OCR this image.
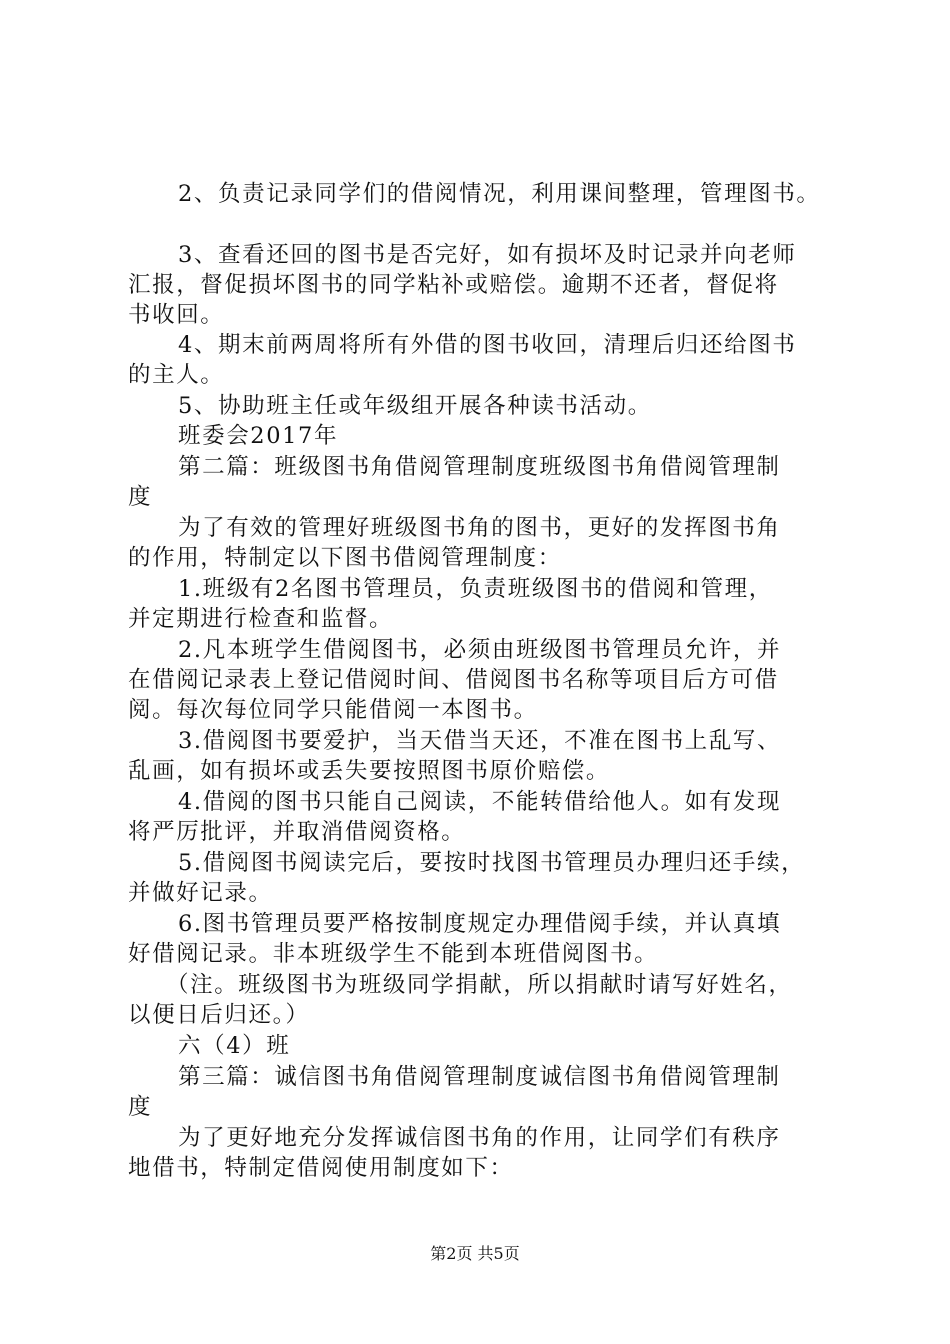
2、负责记录同学们的借阅情况，利用课间整理，管理图书。
3、查看还回的图书是否完好，如有损坏及时记录并向老师
汇报，督促损坏图书的同学粘补或赔偿。逾期不还者，督促将
书收回。
4、期末前两周将所有外借的图书收回，清理后归还给图书
的主人。
5、协助班主任或年级组开展各种读书活动。
班委会2017年
第二篇：班级图书角借阅管理制度班级图书角借阅管理制
度
为了有效的管理好班级图书角的图书，更好的发挥图书角
的作用，特制定以下图书借阅管理制度：
1.班级有2名图书管理员，负责班级图书的借阅和管理，
并定期进行检查和监督。
2.凡本班学生借阅图书，必须由班级图书管理员允许，并
在借阅记录表上登记借阅时间、借阅图书名称等项目后方可借
阅。每次每位同学只能借阅一本图书。
3.借阅图书要爱护，当天借当天还，不准在图书上乱写、
乱画，如有损坏或丢失要按照图书原价赔偿。
4.借阅的图书只能自己阅读，不能转借给他人。如有发现
将严厉批评，并取消借阅资格。
5.借阅图书阅读完后，要按时找图书管理员办理归还手续，
并做好记录。
6.图书管理员要严格按制度规定办理借阅手续，并认真填
好借阅记录。非本班级学生不能到本班借阅图书。
（注。班级图书为班级同学捐献，所以捐献时请写好姓名，
以便日后归还。）
六（4）班
第三篇：诚信图书角借阅管理制度诚信图书角借阅管理制
度
为了更好地充分发挥诚信图书角的作用，让同学们有秩序
地借书，特制定借阅使用制度如下：
第2页 共5页
